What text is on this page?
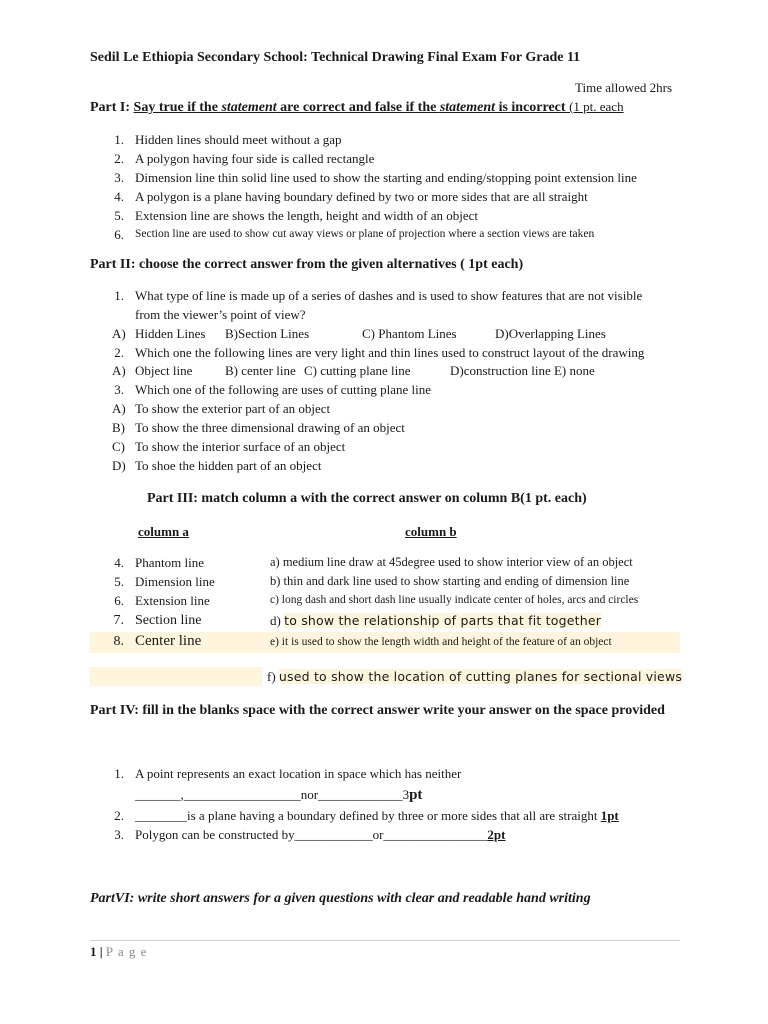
Sedil Le Ethiopia Secondary School: Technical Drawing Final Exam For Grade 11
Time allowed 2hrs
Part I: Say true if the statement are correct and false if the statement is incorrect (1 pt. each
1. Hidden lines should meet without a gap
2. A polygon having four side is called rectangle
3. Dimension line thin solid line used to show the starting and ending/stopping point extension line
4. A polygon is a plane having boundary defined by two or more sides that are all straight
5. Extension line are shows the length, height and width of an object
6. Section line are used to show cut away views or plane of projection where a section views are taken
Part II: choose the correct answer from the given alternatives ( 1pt each)
1. What type of line is made up of a series of dashes and is used to show features that are not visible
from the viewer’s point of view?
A) Hidden Lines B)Section Lines	C) Phantom Lines	D)Overlapping Lines
2. Which one the following lines are very light and thin lines used to construct layout of the drawing
A) Object line	B) center line C) cutting plane line	D)construction line E) none
3. Which one of the following are uses of cutting plane line
A) To show the exterior part of an object
B) To show the three dimensional drawing of an object
C) To show the interior surface of an object
D) To shoe the hidden part of an object
Part III: match column a with the correct answer on column B(1 pt. each)
column a	column b
4. Phantom line	a) medium line draw at 45degree used to show interior view of an object
5. Dimension line	b) thin and dark line used to show starting and ending of dimension line
6. Extension line	c) long dash and short dash line usually indicate center of holes, arcs and circles
7. Section line	d) to show the relationship of parts that fit together
8. Center line	e) it is used to show the length width and height of the feature of an object
f) used to show the location of cutting planes for sectional views
Part IV: fill in the blanks space with the correct answer write your answer on the space provided
1. A point represents an exact location in space which has neither
_______,__________________nor_____________3pt
2. ________is a plane having a boundary defined by three or more sides that all are straight 1pt
3. Polygon can be constructed by____________or________________2pt
PartVI: write short answers for a given questions with clear and readable hand writing
1 | P a g e
